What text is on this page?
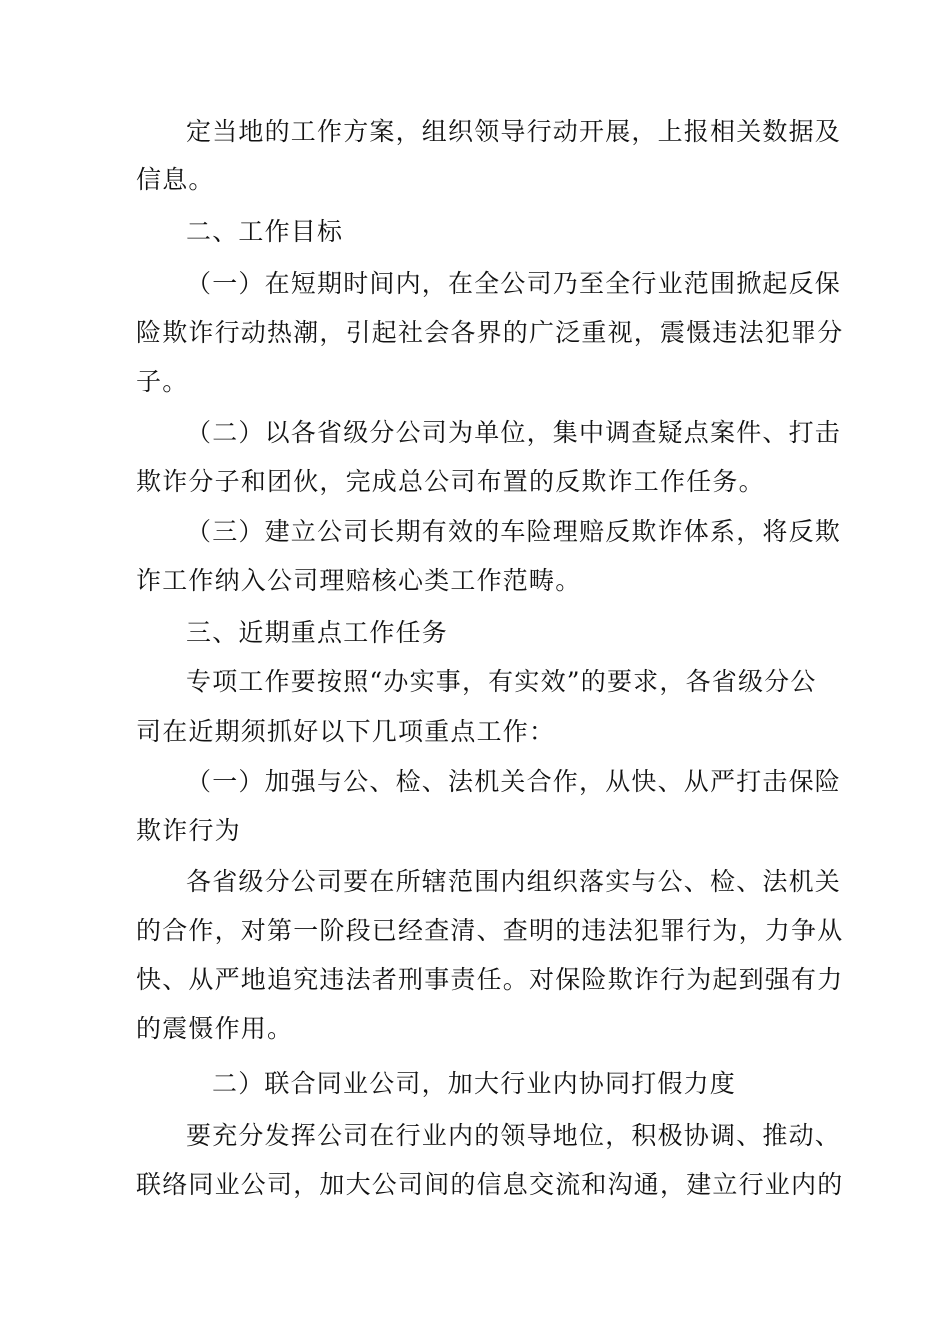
定当地的工作方案，组织领导行动开展，上报相关数据及
信息。
二、工作目标
（一）在短期时间内，在全公司乃至全行业范围掀起反保
险欺诈行动热潮，引起社会各界的广泛重视，震慑违法犯罪分
子。
（二）以各省级分公司为单位，集中调查疑点案件、打击
欺诈分子和团伙，完成总公司布置的反欺诈工作任务。
（三）建立公司长期有效的车险理赔反欺诈体系，将反欺
诈工作纳入公司理赔核心类工作范畴。
三、近期重点工作任务
专项工作要按照“办实事，有实效”的要求，各省级分公
司在近期须抓好以下几项重点工作：
（一）加强与公、检、法机关合作，从快、从严打击保险
欺诈行为
各省级分公司要在所辖范围内组织落实与公、检、法机关
的合作，对第一阶段已经查清、查明的违法犯罪行为，力争从
快、从严地追究违法者刑事责任。对保险欺诈行为起到强有力
的震慑作用。
二）联合同业公司，加大行业内协同打假力度
要充分发挥公司在行业内的领导地位，积极协调、推动、
联络同业公司，加大公司间的信息交流和沟通，建立行业内的
